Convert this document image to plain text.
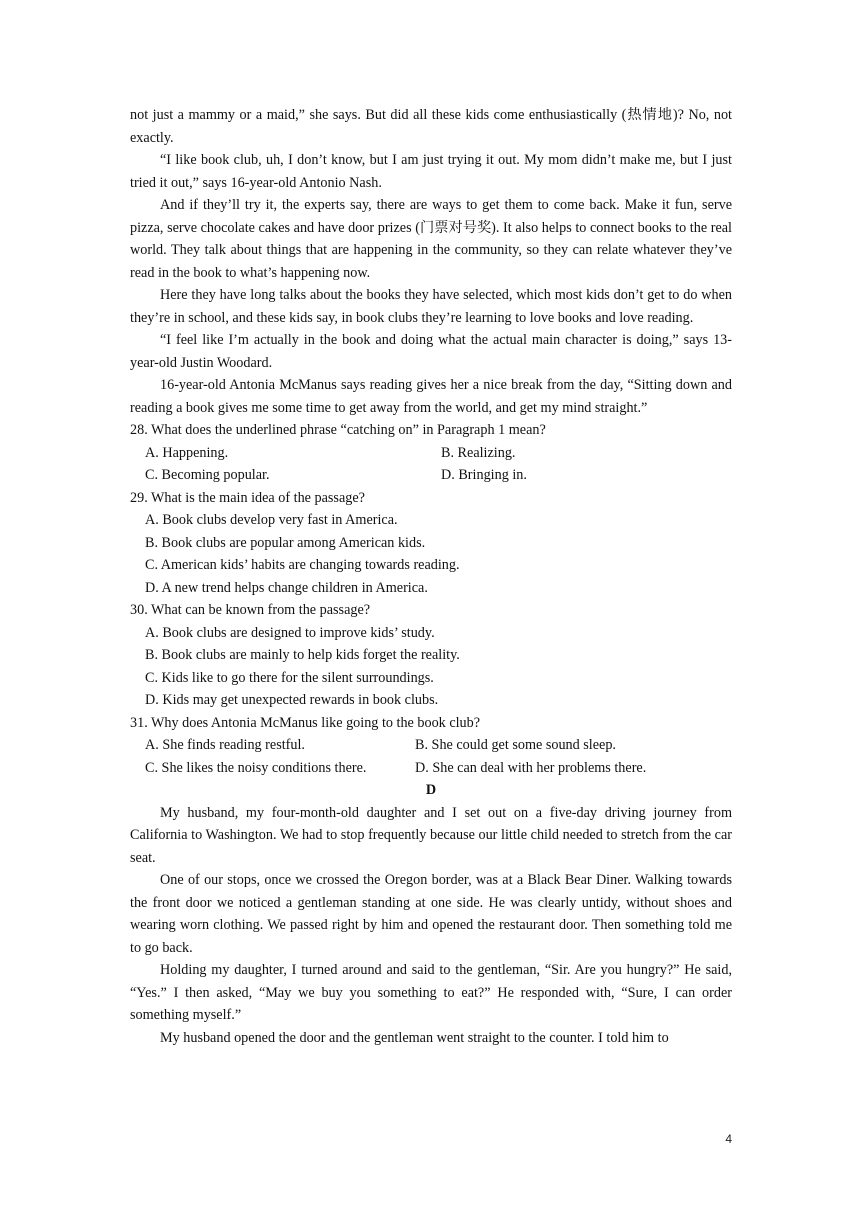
not just a mammy or a maid,” she says. But did all these kids come enthusiastically (热情地)? No, not exactly.

“I like book club, uh, I don’t know, but I am just trying it out. My mom didn’t make me, but I just tried it out,” says 16-year-old Antonio Nash.

And if they’ll try it, the experts say, there are ways to get them to come back. Make it fun, serve pizza, serve chocolate cakes and have door prizes (门票对号奖). It also helps to connect books to the real world. They talk about things that are happening in the community, so they can relate whatever they’ve read in the book to what’s happening now.

Here they have long talks about the books they have selected, which most kids don’t get to do when they’re in school, and these kids say, in book clubs they’re learning to love books and love reading.

“I feel like I’m actually in the book and doing what the actual main character is doing,” says 13-year-old Justin Woodard.

16-year-old Antonia McManus says reading gives her a nice break from the day, “Sitting down and reading a book gives me some time to get away from the world, and get my mind straight.”

28. What does the underlined phrase “catching on” in Paragraph 1 mean?

A. Happening.	B. Realizing.

C. Becoming popular.	D. Bringing in.

29. What is the main idea of the passage?

A. Book clubs develop very fast in America.

B. Book clubs are popular among American kids.

C. American kids’ habits are changing towards reading.

D. A new trend helps change children in America.

30. What can be known from the passage?

A. Book clubs are designed to improve kids’ study.

B. Book clubs are mainly to help kids forget the reality.

C. Kids like to go there for the silent surroundings.

D. Kids may get unexpected rewards in book clubs.

31. Why does Antonia McManus like going to the book club?

A. She finds reading restful.	B. She could get some sound sleep.

C. She likes the noisy conditions there.	D. She can deal with her problems there.

D

My husband, my four-month-old daughter and I set out on a five-day driving journey from California to Washington. We had to stop frequently because our little child needed to stretch from the car seat.

One of our stops, once we crossed the Oregon border, was at a Black Bear Diner. Walking towards the front door we noticed a gentleman standing at one side. He was clearly untidy, without shoes and wearing worn clothing. We passed right by him and opened the restaurant door. Then something told me to go back.

Holding my daughter, I turned around and said to the gentleman, “Sir. Are you hungry?” He said, “Yes.” I then asked, “May we buy you something to eat?” He responded with, “Sure, I can order something myself.”

My husband opened the door and the gentleman went straight to the counter. I told him to

4
